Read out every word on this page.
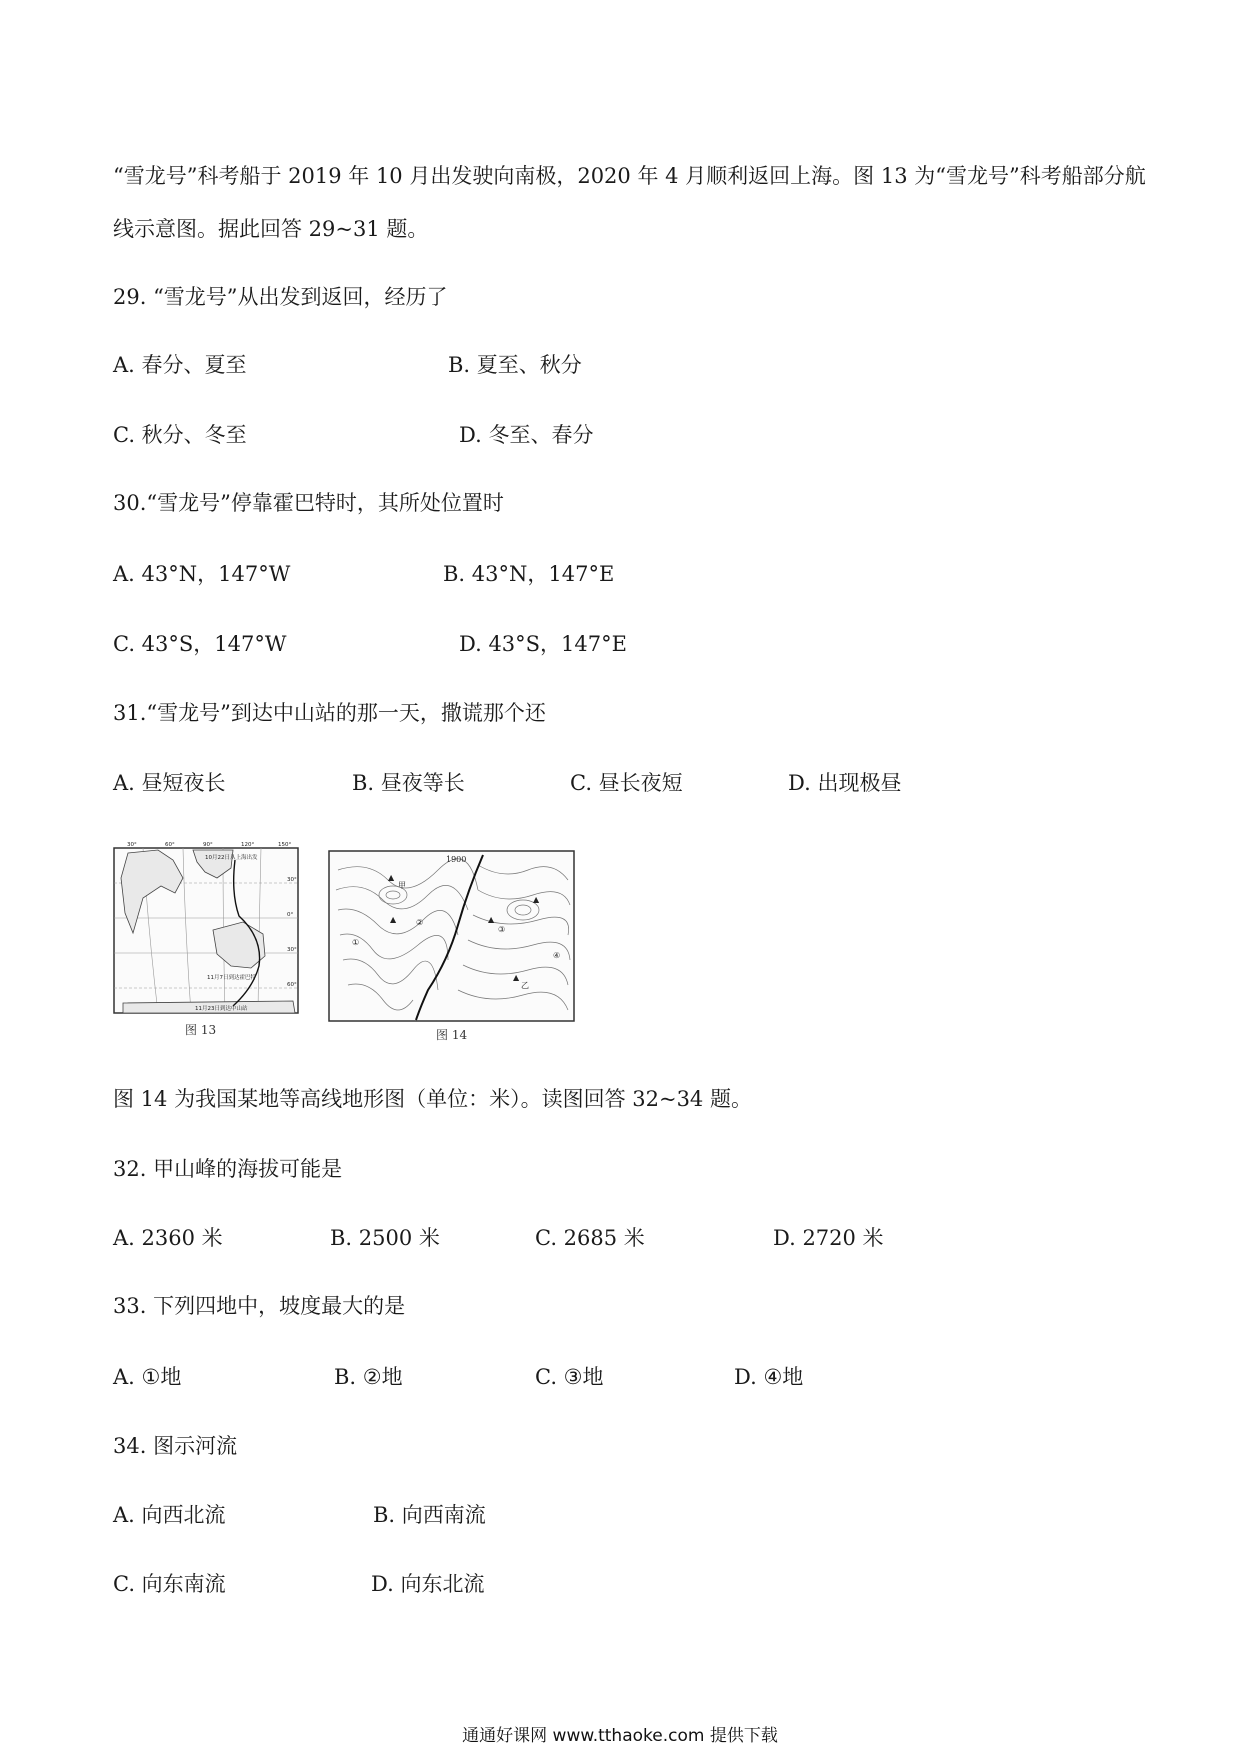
“雪龙号”科考船于 2019 年 10 月出发驶向南极，2020 年 4 月顺利返回上海。图 13 为“雪龙号”科考船部分航
线示意图。据此回答 29~31 题。
29. “雪龙号”从出发到返回，经历了
A. 春分、夏至	B. 夏至、秋分
C. 秋分、冬至	D. 冬至、春分
30.“雪龙号”停靠霍巴特时，其所处位置时
A. 43°N，147°W	B. 43°N，147°E
C. 43°S，147°W	D. 43°S，147°E
31.“雪龙号”到达中山站的那一天，撒谎那个还
A. 昼短夜长	B. 昼夜等长	C. 昼长夜短	D. 出现极昼
30°	60°	90°	120°	150°
30°
0°
30°
60°
10月22日从上海出发
11月7日到达霍巴特
11月23日到达中山站
图 13
1900
①
②
③
④
▲
▲	▲
▲
▲
甲
乙
图 14
图 14 为我国某地等高线地形图（单位：米）。读图回答 32~34 题。
32. 甲山峰的海拔可能是
A. 2360 米	B. 2500 米	C. 2685 米	D. 2720 米
33. 下列四地中，坡度最大的是
A. ①地	B. ②地	C. ③地	D. ④地
34. 图示河流
A. 向西北流	B. 向西南流
C. 向东南流	D. 向东北流
通通好课网 www.tthaoke.com 提供下载
